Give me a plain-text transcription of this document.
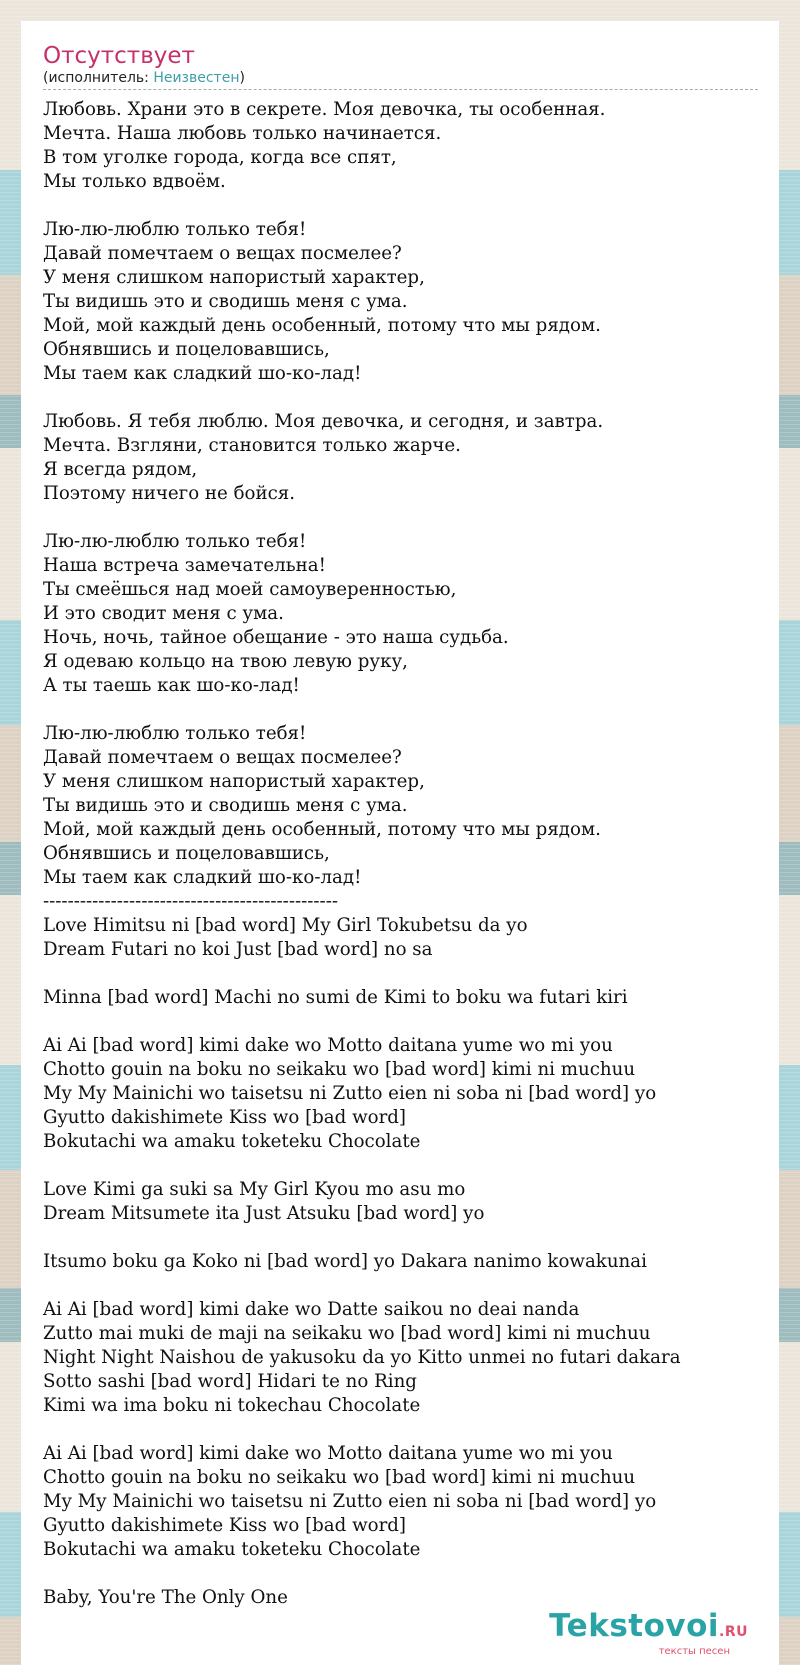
Отсутствует
(исполнитель: Неизвестен)
Любовь. Храни это в секрете. Моя девочка, ты особенная.
Мечта. Наша любовь только начинается.
В том уголке города, когда все спят,
Мы только вдвоём.
Лю-лю-люблю только тебя!
Давай помечтаем о вещах посмелее?
У меня слишком напористый характер,
Ты видишь это и сводишь меня с ума.
Мой, мой каждый день особенный, потому что мы рядом.
Обнявшись и поцеловавшись,
Мы таем как сладкий шо-ко-лад!
Любовь. Я тебя люблю. Моя девочка, и сегодня, и завтра.
Мечта. Взгляни, становится только жарче.
Я всегда рядом,
Поэтому ничего не бойся.
Лю-лю-люблю только тебя!
Наша встреча замечательна!
Ты смеёшься над моей самоуверенностью,
И это сводит меня с ума.
Ночь, ночь, тайное обещание - это наша судьба.
Я одеваю кольцо на твою левую руку,
А ты таешь как шо-ко-лад!
Лю-лю-люблю только тебя!
Давай помечтаем о вещах посмелее?
У меня слишком напористый характер,
Ты видишь это и сводишь меня с ума.
Мой, мой каждый день особенный, потому что мы рядом.
Обнявшись и поцеловавшись,
Мы таем как сладкий шо-ко-лад!
------------------------------------------------
Love Himitsu ni [bad word] My Girl Tokubetsu da yo
Dream Futari no koi Just [bad word] no sa
Minna [bad word] Machi no sumi de Kimi to boku wa futari kiri
Ai Ai [bad word] kimi dake wo Motto daitana yume wo mi you
Chotto gouin na boku no seikaku wo [bad word] kimi ni muchuu
My My Mainichi wo taisetsu ni Zutto eien ni soba ni [bad word] yo
Gyutto dakishimete Kiss wo [bad word]
Bokutachi wa amaku toketeku Chocolate
Love Kimi ga suki sa My Girl Kyou mo asu mo
Dream Mitsumete ita Just Atsuku [bad word] yo
Itsumo boku ga Koko ni [bad word] yo Dakara nanimo kowakunai
Ai Ai [bad word] kimi dake wo Datte saikou no deai nanda
Zutto mai muki de maji na seikaku wo [bad word] kimi ni muchuu
Night Night Naishou de yakusoku da yo Kitto unmei no futari dakara
Sotto sashi [bad word] Hidari te no Ring
Kimi wa ima boku ni tokechau Chocolate
Ai Ai [bad word] kimi dake wo Motto daitana yume wo mi you
Chotto gouin na boku no seikaku wo [bad word] kimi ni muchuu
My My Mainichi wo taisetsu ni Zutto eien ni soba ni [bad word] yo
Gyutto dakishimete Kiss wo [bad word]
Bokutachi wa amaku toketeku Chocolate
Baby, You're The Only One
Tekstovoi.RU
тексты песен
